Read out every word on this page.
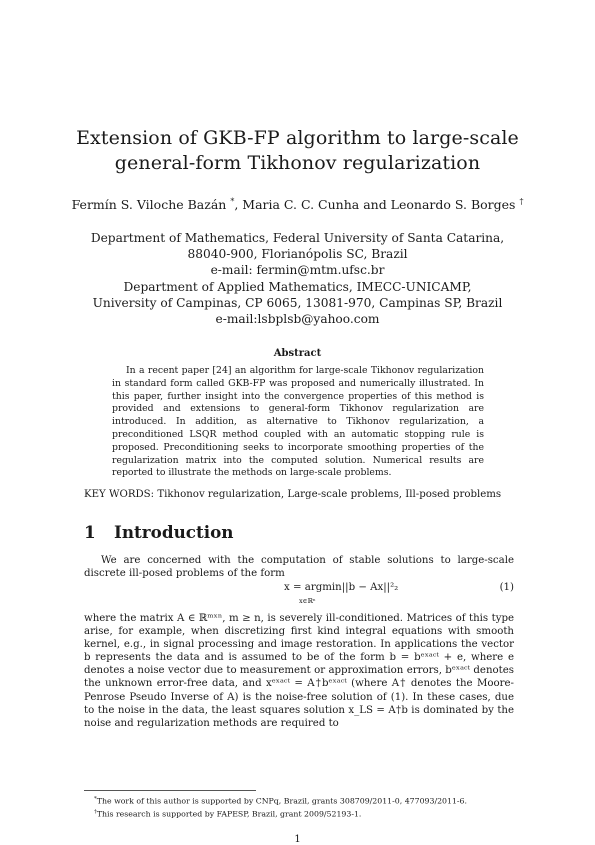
Extension of GKB-FP algorithm to large-scale
general-form Tikhonov regularization
Fermín S. Viloche Bazán *, Maria C. C. Cunha and Leonardo S. Borges †
Department of Mathematics, Federal University of Santa Catarina,
88040-900, Florianópolis SC, Brazil
e-mail: fermin@mtm.ufsc.br
Department of Applied Mathematics, IMECC-UNICAMP,
University of Campinas, CP 6065, 13081-970, Campinas SP, Brazil
e-mail:lsbplsb@yahoo.com
Abstract

In a recent paper [24] an algorithm for large-scale Tikhonov regularization in standard form called GKB-FP was proposed and numerically illustrated. In this paper, further insight into the convergence properties of this method is provided and extensions to general-form Tikhonov regularization are introduced. In addition, as alternative to Tikhonov regularization, a preconditioned LSQR method coupled with an automatic stopping rule is proposed. Preconditioning seeks to incorporate smoothing properties of the regularization matrix into the computed solution. Numerical results are reported to illustrate the methods on large-scale problems.

KEY WORDS: Tikhonov regularization, Large-scale problems, Ill-posed problems
1 Introduction

We are concerned with the computation of stable solutions to large-scale discrete ill-posed problems of the form

x = argmin||b − Ax||²₂
x∈ℝⁿ
(1)

where the matrix A ∈ ℝᵐˣⁿ, m ≥ n, is severely ill-conditioned. Matrices of this type arise, for example, when discretizing first kind integral equations with smooth kernel, e.g., in signal processing and image restoration. In applications the vector b represents the data and is assumed to be of the form b = bᵉˣᵃᶜᵗ + e, where e denotes a noise vector due to measurement or approximation errors, bᵉˣᵃᶜᵗ denotes the unknown error-free data, and xᵉˣᵃᶜᵗ = A†bᵉˣᵃᶜᵗ (where A† denotes the Moore-Penrose Pseudo Inverse of A) is the noise-free solution of (1). In these cases, due to the noise in the data, the least squares solution x_LS = A†b is dominated by the noise and regularization methods are required to

*The work of this author is supported by CNPq, Brazil, grants 308709/2011-0, 477093/2011-6.
†This research is supported by FAPESP, Brazil, grant 2009/52193-1.
1
